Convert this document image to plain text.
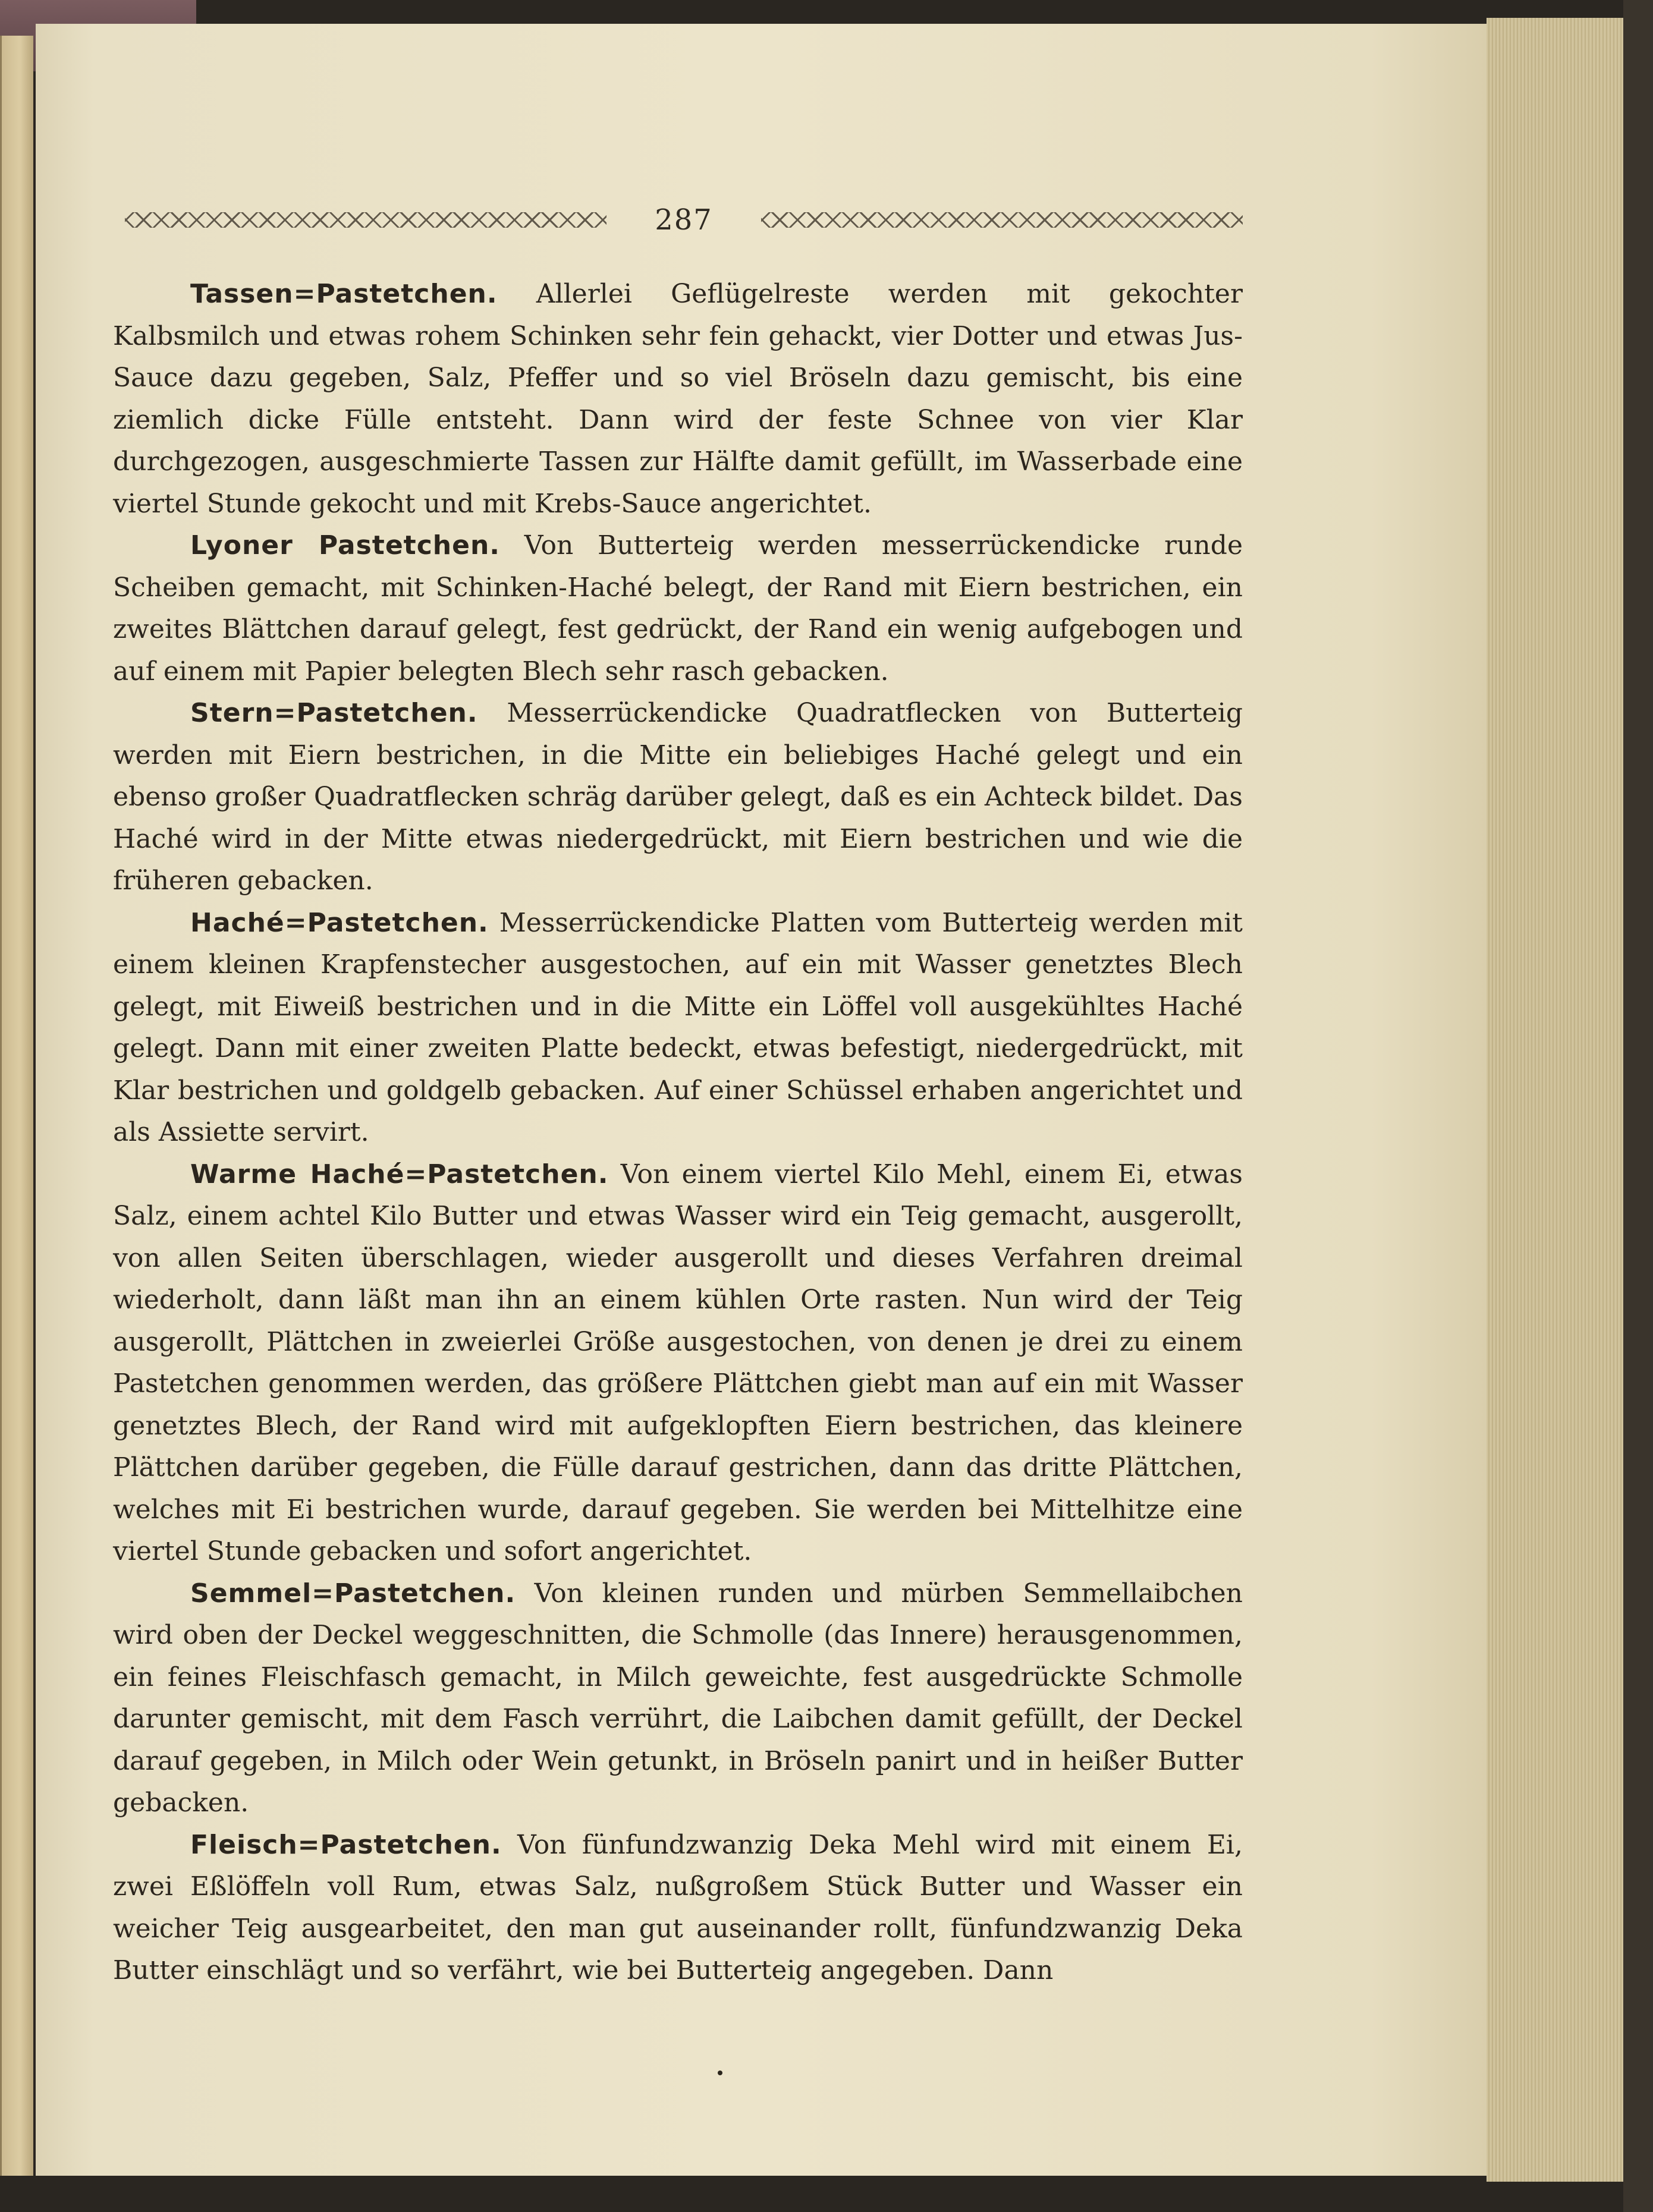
287

Tassen=Pastetchen. Allerlei Geflügelreste werden mit gekochter Kalbsmilch und etwas rohem Schinken sehr fein gehackt, vier Dotter und etwas Jus-Sauce dazu gegeben, Salz, Pfeffer und so viel Bröseln dazu gemischt, bis eine ziemlich dicke Fülle entsteht. Dann wird der feste Schnee von vier Klar durchgezogen, ausgeschmierte Tassen zur Hälfte damit gefüllt, im Wasserbade eine viertel Stunde gekocht und mit Krebs-Sauce angerichtet.

Lyoner Pastetchen. Von Butterteig werden messerrückendicke runde Scheiben gemacht, mit Schinken-Haché belegt, der Rand mit Eiern bestrichen, ein zweites Blättchen darauf gelegt, fest gedrückt, der Rand ein wenig aufgebogen und auf einem mit Papier belegten Blech sehr rasch gebacken.

Stern=Pastetchen. Messerrückendicke Quadratflecken von Butterteig werden mit Eiern bestrichen, in die Mitte ein beliebiges Haché gelegt und ein ebenso großer Quadratflecken schräg darüber gelegt, daß es ein Achteck bildet. Das Haché wird in der Mitte etwas niedergedrückt, mit Eiern bestrichen und wie die früheren gebacken.

Haché=Pastetchen. Messerrückendicke Platten vom Butterteig werden mit einem kleinen Krapfenstecher ausgestochen, auf ein mit Wasser genetztes Blech gelegt, mit Eiweiß bestrichen und in die Mitte ein Löffel voll ausgekühltes Haché gelegt. Dann mit einer zweiten Platte bedeckt, etwas befestigt, niedergedrückt, mit Klar bestrichen und goldgelb gebacken. Auf einer Schüssel erhaben angerichtet und als Assiette servirt.

Warme Haché=Pastetchen. Von einem viertel Kilo Mehl, einem Ei, etwas Salz, einem achtel Kilo Butter und etwas Wasser wird ein Teig gemacht, ausgerollt, von allen Seiten überschlagen, wieder ausgerollt und dieses Verfahren dreimal wiederholt, dann läßt man ihn an einem kühlen Orte rasten. Nun wird der Teig ausgerollt, Plättchen in zweierlei Größe ausgestochen, von denen je drei zu einem Pastetchen genommen werden, das größere Plättchen giebt man auf ein mit Wasser genetztes Blech, der Rand wird mit aufgeklopften Eiern bestrichen, das kleinere Plättchen darüber gegeben, die Fülle darauf gestrichen, dann das dritte Plättchen, welches mit Ei bestrichen wurde, darauf gegeben. Sie werden bei Mittelhitze eine viertel Stunde gebacken und sofort angerichtet.

Semmel=Pastetchen. Von kleinen runden und mürben Semmellaibchen wird oben der Deckel weggeschnitten, die Schmolle (das Innere) herausgenommen, ein feines Fleischfasch gemacht, in Milch geweichte, fest ausgedrückte Schmolle darunter gemischt, mit dem Fasch verrührt, die Laibchen damit gefüllt, der Deckel darauf gegeben, in Milch oder Wein getunkt, in Bröseln panirt und in heißer Butter gebacken.

Fleisch=Pastetchen. Von fünfundzwanzig Deka Mehl wird mit einem Ei, zwei Eßlöffeln voll Rum, etwas Salz, nußgroßem Stück Butter und Wasser ein weicher Teig ausgearbeitet, den man gut auseinander rollt, fünfundzwanzig Deka Butter einschlägt und so verfährt, wie bei Butterteig angegeben. Dann
